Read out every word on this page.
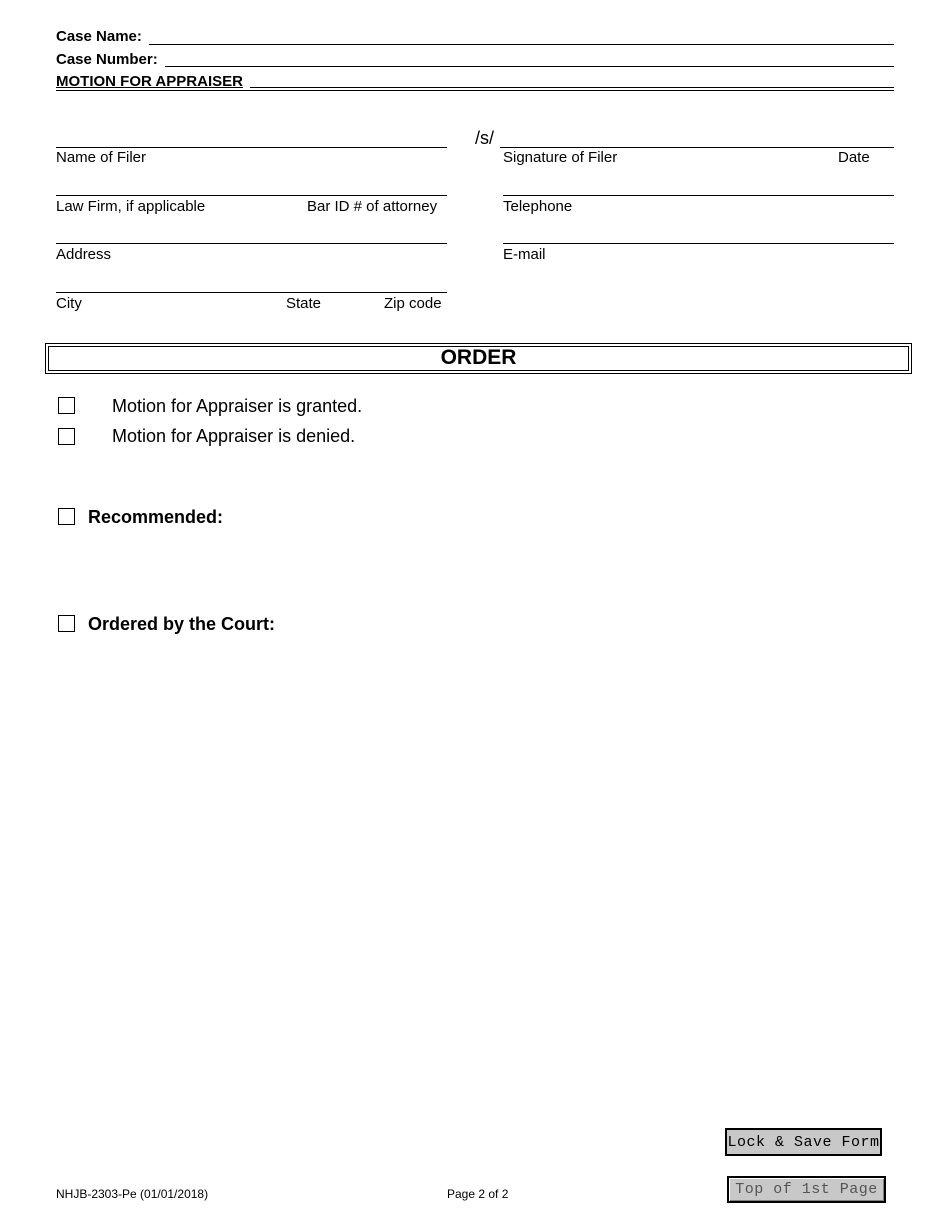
Case Name:
Case Number:
MOTION FOR APPRAISER
/s/
Name of Filer	Signature of Filer	Date
Law Firm, if applicable	Bar ID # of attorney	Telephone
Address	E-mail
City	State	Zip code
ORDER
Motion for Appraiser is granted.
Motion for Appraiser is denied.
Recommended:
Ordered by the Court:
Lock & Save Form
Top of 1st Page
NHJB-2303-Pe (01/01/2018)	Page 2 of 2
